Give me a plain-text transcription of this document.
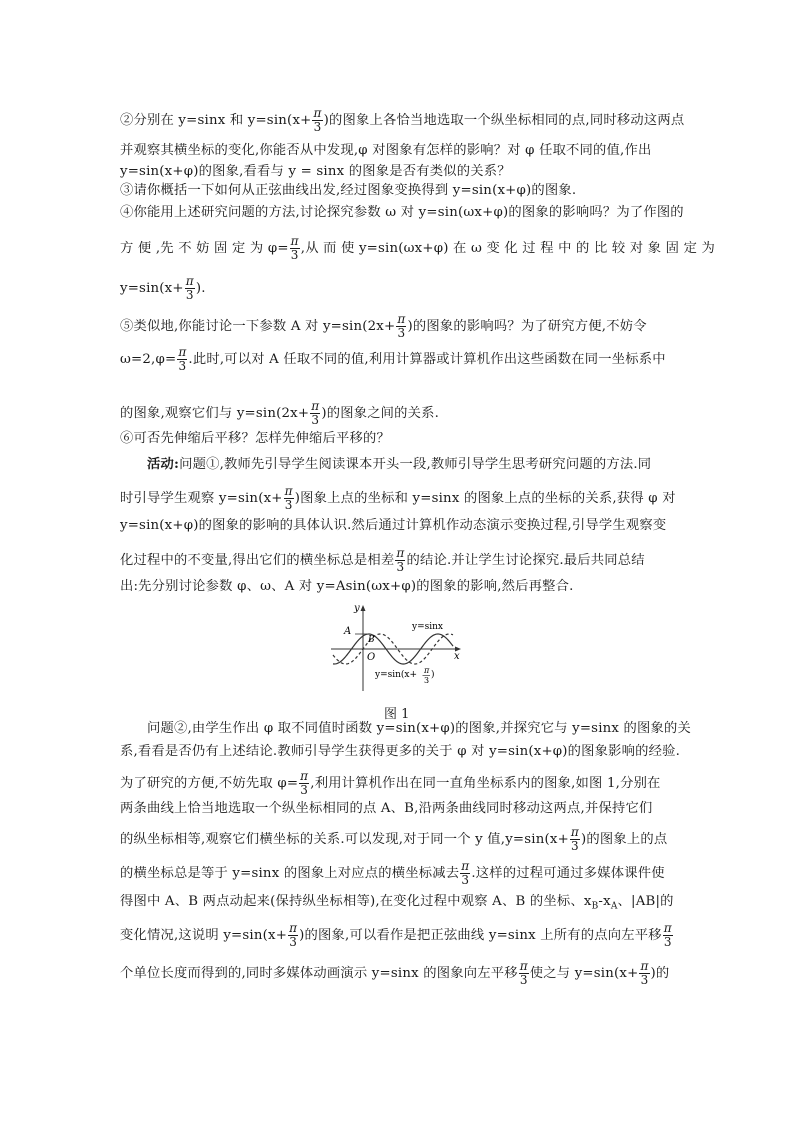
②分别在 y=sinx 和 $y=\sin(x+ \frac{\pi}{3}$ )的图象上各恰当地选取一个纵坐标相同的点,同时移动这两点
并观察其横坐标的变化,你能否从中发现,φ 对图象有怎样的影响？对 φ 任取不同的值,作出
y=sin(x+φ)的图象,看看与 y = sinx 的图象是否有类似的关系？
③请你概括一下如何从正弦曲线出发,经过图象变换得到 y=sin(x+φ)的图象.
④你能用上述研究问题的方法,讨论探究参数 ω 对 y=sin(ωx+φ)的图象的影响吗？为了作图的
方 便 ,先 不 妨 固 定 为 $\varphi= \frac{\pi}{3}$ ,从 而 使 y=sin(ωx+φ) 在 ω 变 化 过 程 中 的 比 较 对 象 固 定 为
$y=\sin(x+ \frac{\pi}{3}$ ).
⑤类似地,你能讨论一下参数 A 对 $y=\sin(2x+ \frac{\pi}{3}$ )的图象的影响吗？为了研究方便,不妨令
$\omega=2,\varphi= \frac{\pi}{3}$ .此时,可以对 A 任取不同的值,利用计算器或计算机作出这些函数在同一坐标系中
的图象,观察它们与 $y=\sin(2x+ \frac{\pi}{3}$ )的图象之间的关系.
⑥可否先伸缩后平移？怎样先伸缩后平移的？
　　活动:问题①,教师先引导学生阅读课本开头一段,教师引导学生思考研究问题的方法.同
时引导学生观察 $y=\sin(x+ \frac{\pi}{3}$ )图象上点的坐标和 y=sinx 的图象上点的坐标的关系,获得 φ 对
y=sin(x+φ)的图象的影响的具体认识.然后通过计算机作动态演示变换过程,引导学生观察变
化过程中的不变量,得出它们的横坐标总是相差 $\frac{\pi}{3}$ 的结论.并让学生讨论探究.最后共同总结
出:先分别讨论参数 φ、ω、A 对 y=Asin(ωx+φ)的图象的影响,然后再整合.
　　问题②,由学生作出 φ 取不同值时函数 y=sin(x+φ)的图象,并探究它与 y=sinx 的图象的关
系,看看是否仍有上述结论.教师引导学生获得更多的关于 φ 对 y=sin(x+φ)的图象影响的经验.
为了研究的方便,不妨先取 $\varphi= \frac{\pi}{3}$ ,利用计算机作出在同一直角坐标系内的图象,如图 1,分别在
两条曲线上恰当地选取一个纵坐标相同的点 A、B,沿两条曲线同时移动这两点,并保持它们
的纵坐标相等,观察它们横坐标的关系.可以发现,对于同一个 y 值$,y=\sin(x+ \frac{\pi}{3}$ )的图象上的点
的横坐标总是等于 y=sinx 的图象上对应点的横坐标减去 $\frac{\pi}{3}$ .这样的过程可通过多媒体课件使
得图中 A、B 两点动起来(保持纵坐标相等),在变化过程中观察 A、B 的坐标、$x_B-x_A$、|AB|的
变化情况,这说明 $y=\sin(x+ \frac{\pi}{3}$ )的图象,可以看作是把正弦曲线 y=sinx 上所有的点向左平移 $\frac{\pi}{3}$
个单位长度而得到的,同时多媒体动画演示 y=sinx 的图象向左平移 $\frac{\pi}{3}$ 使之与 $y=\sin(x+ \frac{\pi}{3}$ )的
y
x
O
A
B
y=sinx
y=sin(x+ π
3
)
图 1
